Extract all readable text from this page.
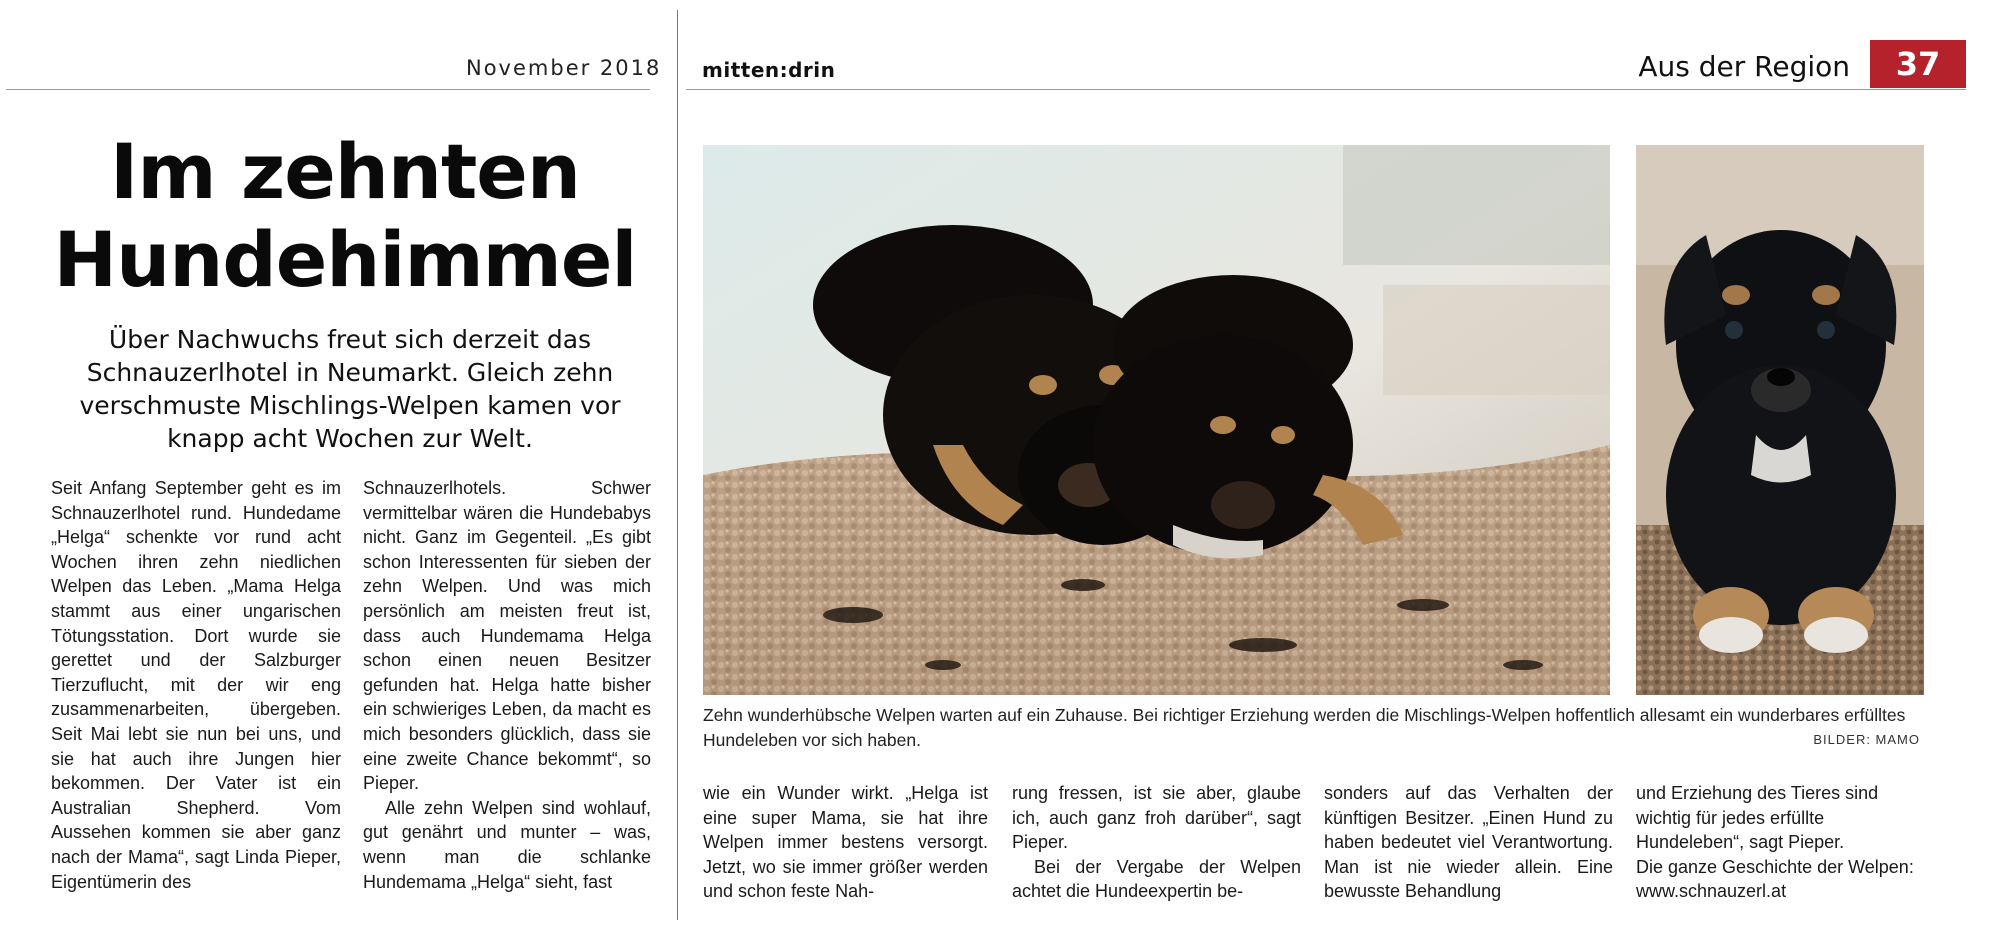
November 2018 mitten:drin	Aus der Region	37
Im zehnten
Hundehimmel
Über Nachwuchs freut sich derzeit das Schnauzerlhotel in Neumarkt. Gleich zehn verschmuste Mischlings-Welpen kamen vor knapp acht Wochen zur Welt.

Seit Anfang September geht es im Schnauzerlhotel rund. Hundedame „Helga“ schenkte vor rund acht Wochen ihren zehn niedlichen Welpen das Leben. „Mama Helga stammt aus einer ungarischen Tötungsstation. Dort wurde sie gerettet und der Salzburger Tierzuflucht, mit der wir eng zusammenarbeiten, übergeben. Seit Mai lebt sie nun bei uns, und sie hat auch ihre Jungen hier bekommen. Der Vater ist ein Australian Shepherd. Vom Aussehen kommen sie aber ganz nach der Mama“, sagt Linda Pieper, Eigentümerin des

Schnauzerlhotels. Schwer vermittelbar wären die Hundebabys nicht. Ganz im Gegenteil. „Es gibt schon Interessenten für sieben der zehn Welpen. Und was mich persönlich am meisten freut ist, dass auch Hundemama Helga schon einen neuen Besitzer gefunden hat. Helga hatte bisher ein schwieriges Leben, da macht es mich besonders glücklich, dass sie eine zweite Chance bekommt“, so Pieper.

Alle zehn Welpen sind wohlauf, gut genährt und munter – was, wenn man die schlanke Hundemama „Helga“ sieht, fast

Zehn wunderhübsche Welpen warten auf ein Zuhause. Bei richtiger Erziehung werden die Mischlings-Welpen hoffentlich allesamt ein wunderbares erfülltes Hundeleben vor sich haben.	BILDER: MAMO

wie ein Wunder wirkt. „Helga ist eine super Mama, sie hat ihre Welpen immer bestens versorgt. Jetzt, wo sie immer größer werden und schon feste Nah-

rung fressen, ist sie aber, glaube ich, auch ganz froh darüber“, sagt Pieper.

Bei der Vergabe der Welpen achtet die Hundeexpertin be-

sonders auf das Verhalten der künftigen Besitzer. „Einen Hund zu haben bedeutet viel Verantwortung. Man ist nie wieder allein. Eine bewusste Behandlung

und Erziehung des Tieres sind wichtig für jedes erfüllte Hundeleben“, sagt Pieper.

Die ganze Geschichte der Welpen: www.schnauzerl.at
